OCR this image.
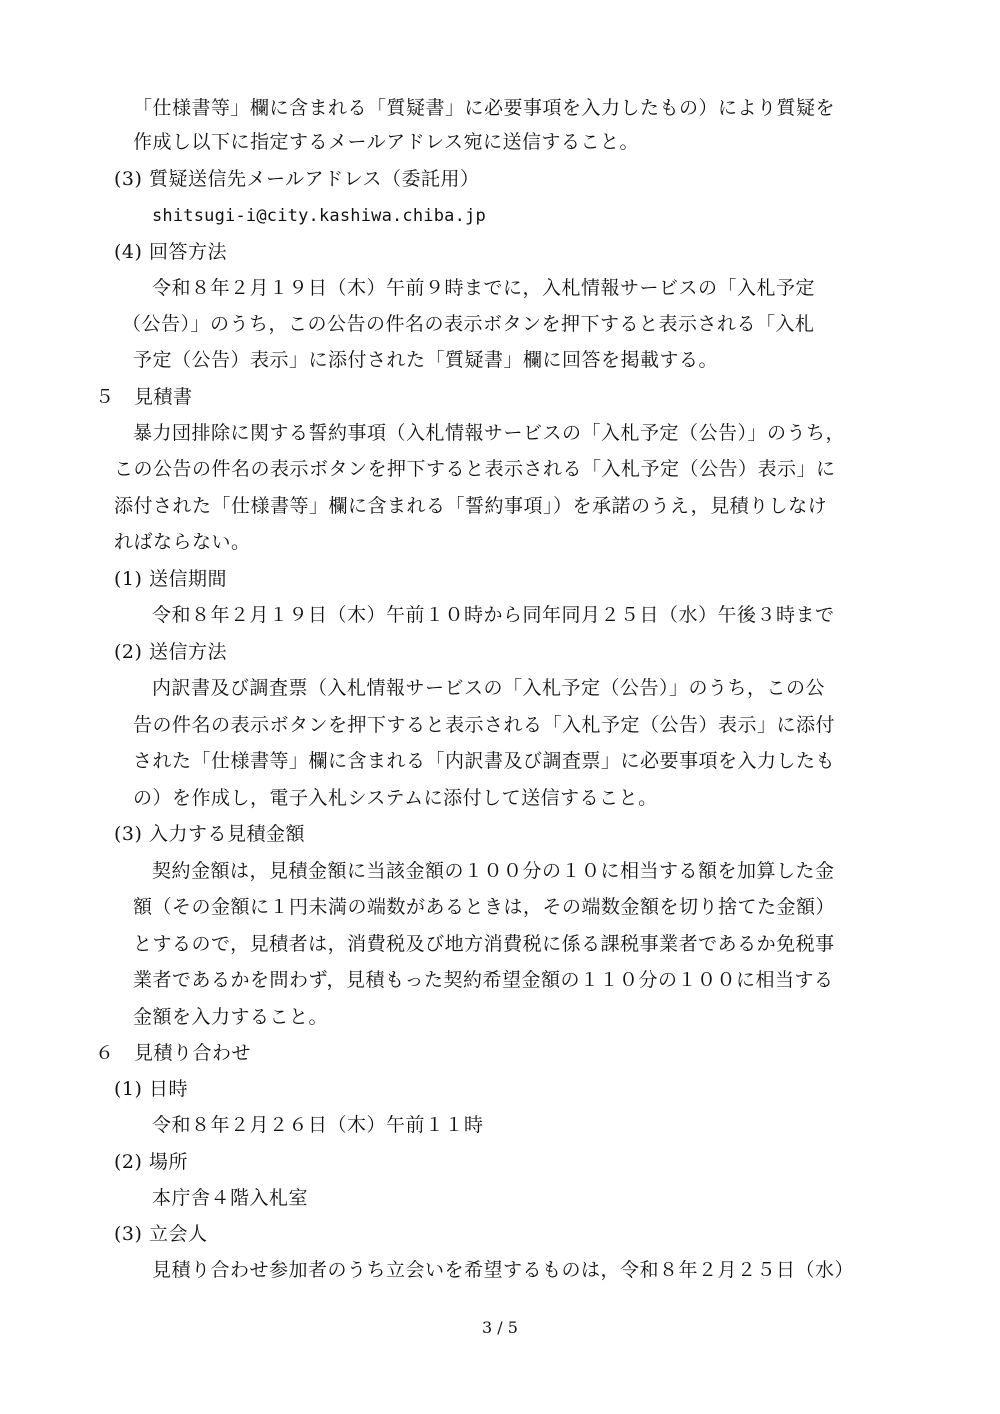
「仕様書等」欄に含まれる「質疑書」に必要事項を入力したもの）により質疑を
作成し以下に指定するメールアドレス宛に送信すること。
(3) 質疑送信先メールアドレス（委託用）
shitsugi-i@city.kashiwa.chiba.jp
(4) 回答方法
令和８年２月１９日（木）午前９時までに，入札情報サービスの「入札予定
（公告）」のうち，この公告の件名の表示ボタンを押下すると表示される「入札
予定（公告）表示」に添付された「質疑書」欄に回答を掲載する。
５　見積書
暴力団排除に関する誓約事項（入札情報サービスの「入札予定（公告）」のうち，
この公告の件名の表示ボタンを押下すると表示される「入札予定（公告）表示」に
添付された「仕様書等」欄に含まれる「誓約事項」）を承諾のうえ，見積りしなけ
ればならない。
(1) 送信期間
令和８年２月１９日（木）午前１０時から同年同月２５日（水）午後３時まで
(2) 送信方法
内訳書及び調査票（入札情報サービスの「入札予定（公告）」のうち，この公
告の件名の表示ボタンを押下すると表示される「入札予定（公告）表示」に添付
された「仕様書等」欄に含まれる「内訳書及び調査票」に必要事項を入力したも
の）を作成し，電子入札システムに添付して送信すること。
(3) 入力する見積金額
契約金額は，見積金額に当該金額の１００分の１０に相当する額を加算した金
額（その金額に１円未満の端数があるときは，その端数金額を切り捨てた金額）
とするので，見積者は，消費税及び地方消費税に係る課税事業者であるか免税事
業者であるかを問わず，見積もった契約希望金額の１１０分の１００に相当する
金額を入力すること。
６　見積り合わせ
(1) 日時
令和８年２月２６日（木）午前１１時
(2) 場所
本庁舎４階入札室
(3) 立会人
見積り合わせ参加者のうち立会いを希望するものは，令和８年２月２５日（水）
3 / 5
